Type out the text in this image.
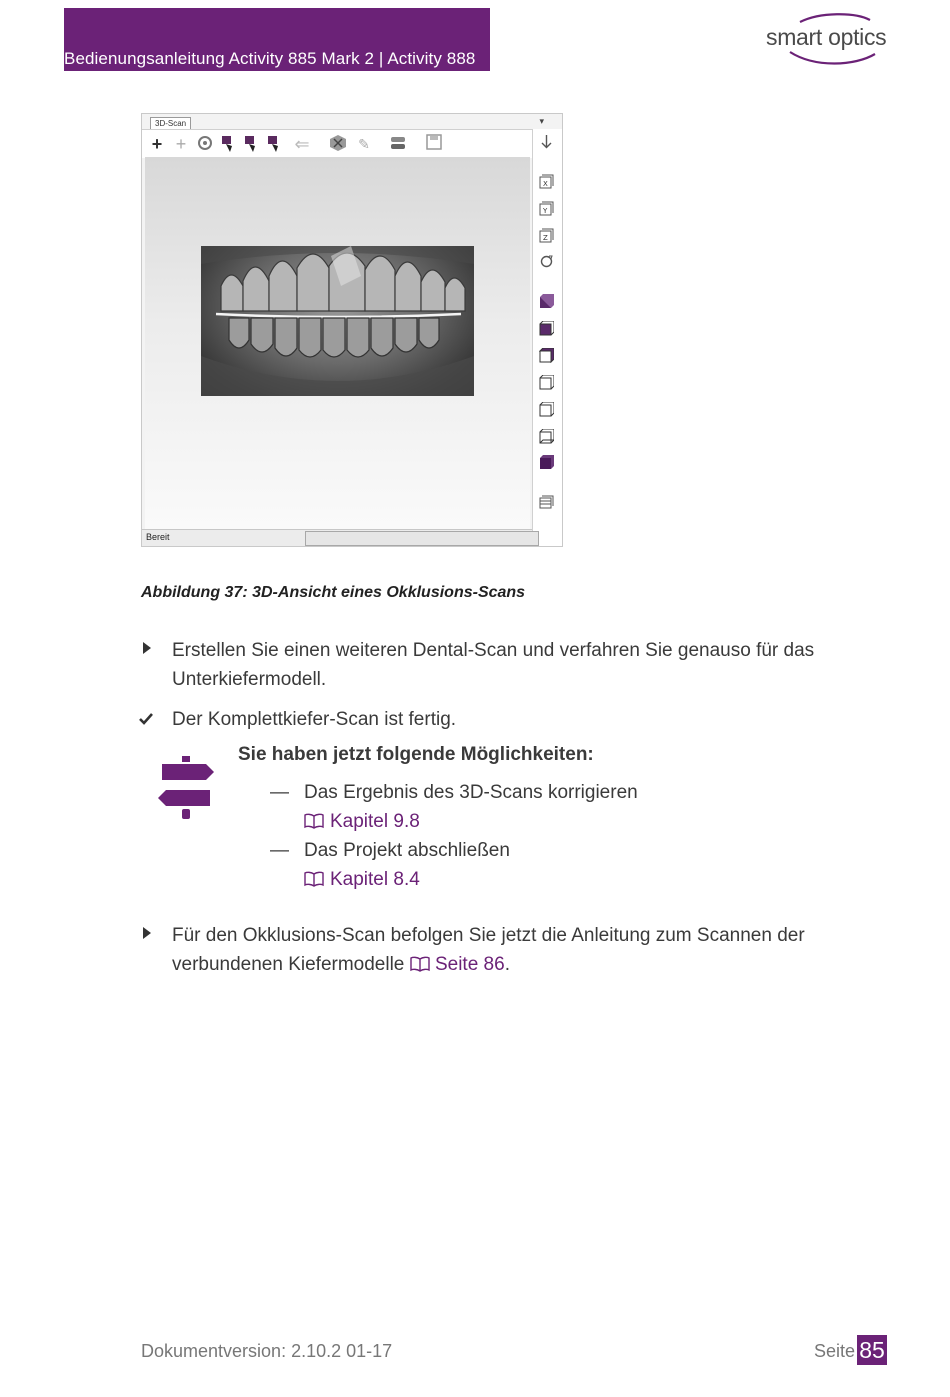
Bedienungsanleitung Activity 885 Mark 2 | Activity 888
smart optics
3D-Scan	▾
+ +	⇐	✎
X
Y
Z
Bereit
Abbildung 37: 3D-Ansicht eines Okklusions-Scans
Erstellen Sie einen weiteren Dental-Scan und verfahren Sie genauso für das Unterkiefermodell.
Der Komplettkiefer-Scan ist fertig.
Sie haben jetzt folgende Möglichkeiten:
— Das Ergebnis des 3D-Scans korrigieren
Kapitel 9.8
— Das Projekt abschließen
Kapitel 8.4
Für den Okklusions-Scan befolgen Sie jetzt die Anleitung zum Scannen der verbundenen Kiefermodelle Seite 86.
Dokumentversion: 2.10.2 01-17	Seite 85
